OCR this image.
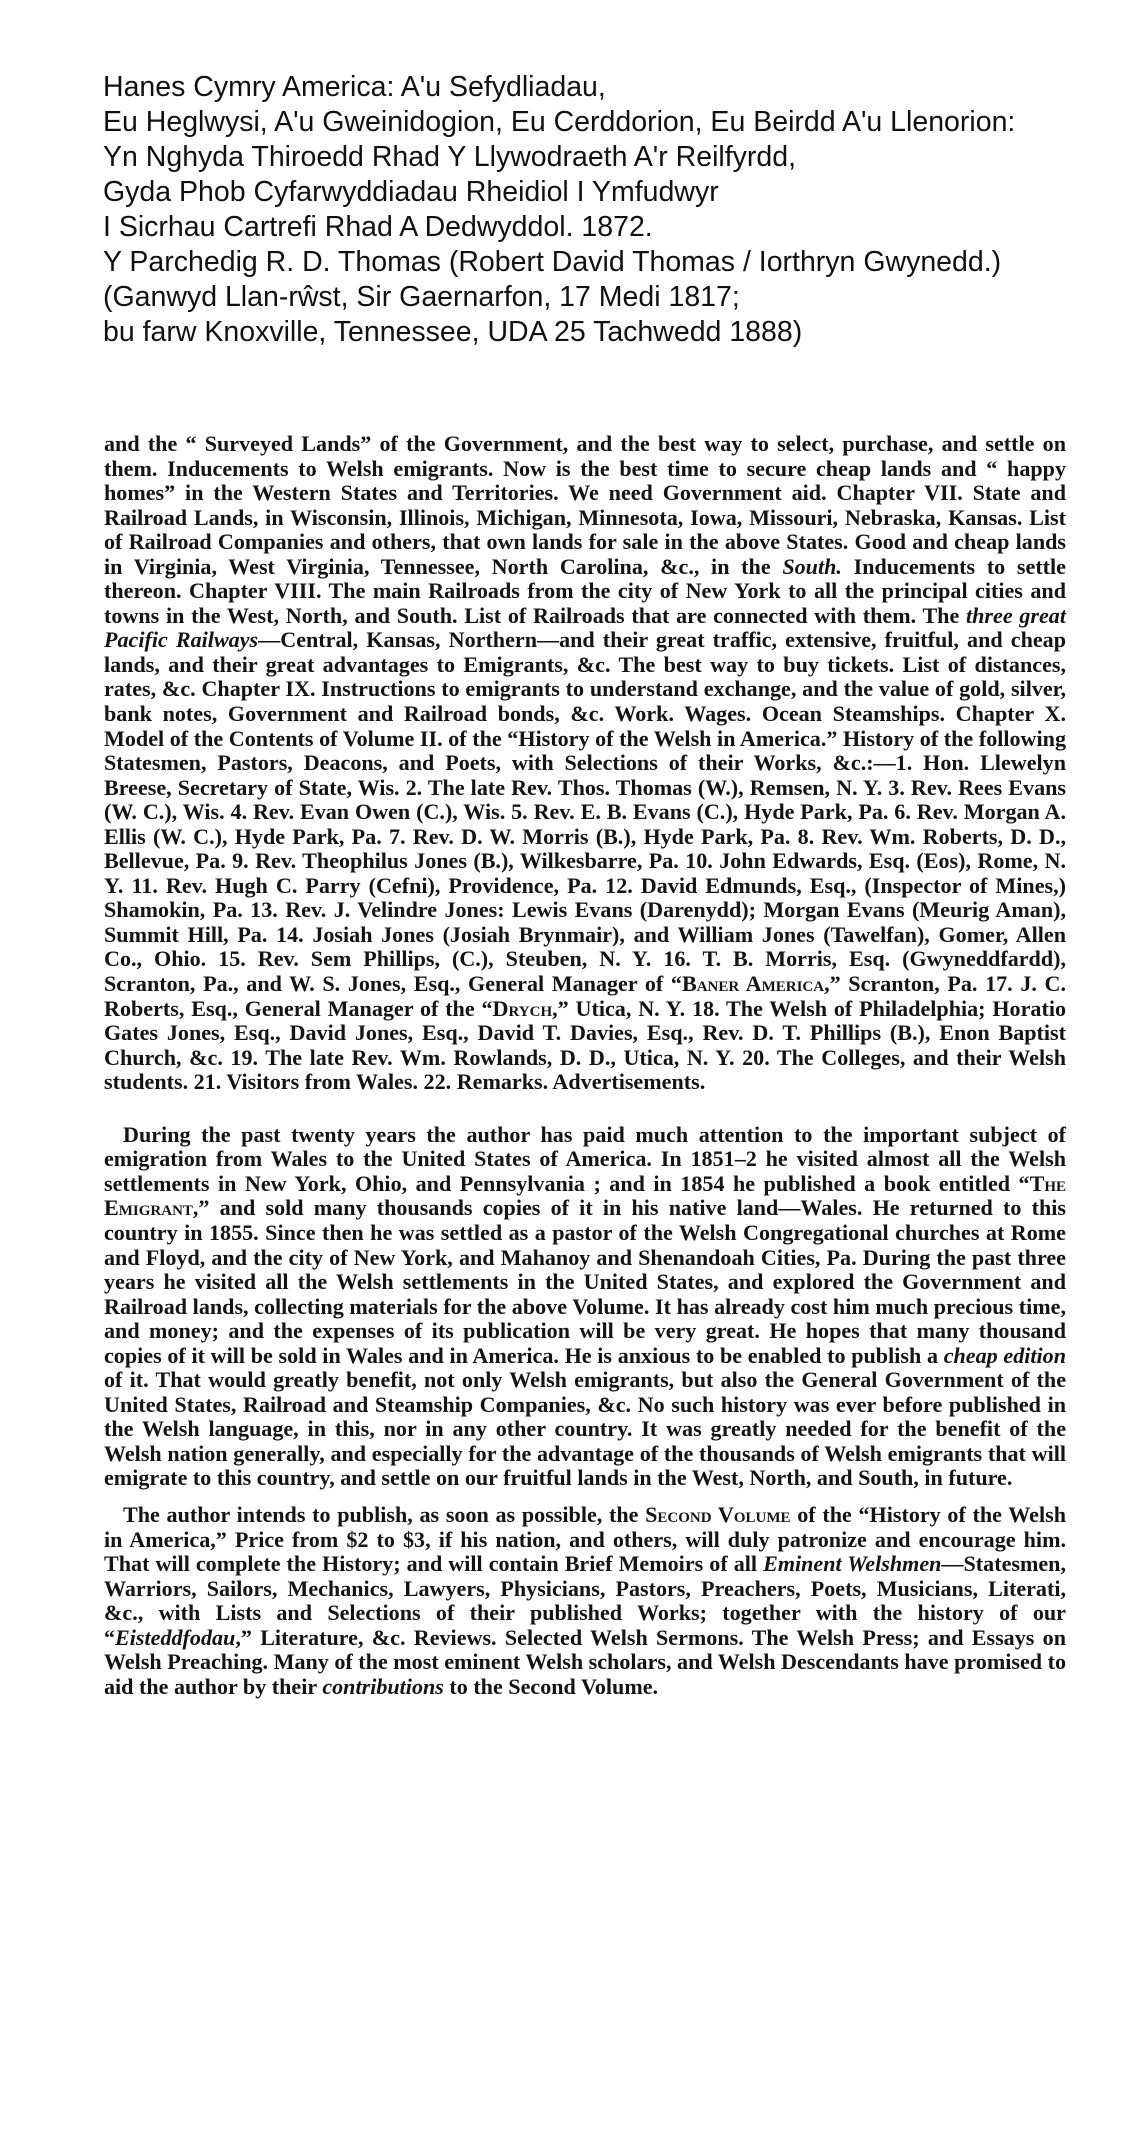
Hanes Cymry America: A'u Sefydliadau,
Eu Heglwysi, A'u Gweinidogion, Eu Cerddorion, Eu Beirdd A'u Llenorion:
Yn Nghyda Thiroedd Rhad Y Llywodraeth A'r Reilfyrdd,
Gyda Phob Cyfarwyddiadau Rheidiol I Ymfudwyr
I Sicrhau Cartrefi Rhad A Dedwyddol. 1872.
Y Parchedig R. D. Thomas (Robert David Thomas / Iorthryn Gwynedd.)
(Ganwyd Llan-rŵst, Sir Gaernarfon, 17 Medi 1817;
bu farw Knoxville, Tennessee, UDA 25 Tachwedd 1888)

and the “ Surveyed Lands” of the Government, and the best way to select, purchase, and settle on them. Inducements to Welsh emigrants. Now is the best time to secure cheap lands and “ happy homes” in the Western States and Territories. We need Government aid. Chapter VII. State and Railroad Lands, in Wisconsin, Illinois, Michigan, Minnesota, Iowa, Missouri, Nebraska, Kansas. List of Railroad Companies and others, that own lands for sale in the above States. Good and cheap lands in Virginia, West Virginia, Tennessee, North Carolina, &c., in the South. Inducements to settle thereon. Chapter VIII. The main Railroads from the city of New York to all the principal cities and towns in the West, North, and South. List of Railroads that are connected with them. The three great Pacific Railways—Central, Kansas, Northern—and their great traffic, extensive, fruitful, and cheap lands, and their great advantages to Emigrants, &c. The best way to buy tickets. List of distances, rates, &c. Chapter IX. Instructions to emigrants to understand exchange, and the value of gold, silver, bank notes, Government and Railroad bonds, &c. Work. Wages. Ocean Steamships. Chapter X. Model of the Contents of Volume II. of the “History of the Welsh in America.” History of the following Statesmen, Pastors, Deacons, and Poets, with Selections of their Works, &c.:—1. Hon. Llewelyn Breese, Secretary of State, Wis. 2. The late Rev. Thos. Thomas (W.), Remsen, N. Y. 3. Rev. Rees Evans (W. C.), Wis. 4. Rev. Evan Owen (C.), Wis. 5. Rev. E. B. Evans (C.), Hyde Park, Pa. 6. Rev. Morgan A. Ellis (W. C.), Hyde Park, Pa. 7. Rev. D. W. Morris (B.), Hyde Park, Pa. 8. Rev. Wm. Roberts, D. D., Bellevue, Pa. 9. Rev. Theophilus Jones (B.), Wilkesbarre, Pa. 10. John Edwards, Esq. (Eos), Rome, N. Y. 11. Rev. Hugh C. Parry (Cefni), Providence, Pa. 12. David Edmunds, Esq., (Inspector of Mines,) Shamokin, Pa. 13. Rev. J. Velindre Jones: Lewis Evans (Darenydd); Morgan Evans (Meurig Aman), Summit Hill, Pa. 14. Josiah Jones (Josiah Brynmair), and William Jones (Tawelfan), Gomer, Allen Co., Ohio. 15. Rev. Sem Phillips, (C.), Steuben, N. Y. 16. T. B. Morris, Esq. (Gwyneddfardd), Scranton, Pa., and W. S. Jones, Esq., General Manager of “Baner America,” Scranton, Pa. 17. J. C. Roberts, Esq., General Manager of the “Drych,” Utica, N. Y. 18. The Welsh of Philadelphia; Horatio Gates Jones, Esq., David Jones, Esq., David T. Davies, Esq., Rev. D. T. Phillips (B.), Enon Baptist Church, &c. 19. The late Rev. Wm. Rowlands, D. D., Utica, N. Y. 20. The Colleges, and their Welsh students. 21. Visitors from Wales. 22. Remarks. Advertisements.

During the past twenty years the author has paid much attention to the important subject of emigration from Wales to the United States of America. In 1851–2 he visited almost all the Welsh settlements in New York, Ohio, and Pennsylvania ; and in 1854 he published a book entitled “The Emigrant,” and sold many thousands copies of it in his native land—Wales. He returned to this country in 1855. Since then he was settled as a pastor of the Welsh Congregational churches at Rome and Floyd, and the city of New York, and Mahanoy and Shenandoah Cities, Pa. During the past three years he visited all the Welsh settlements in the United States, and explored the Government and Railroad lands, collecting materials for the above Volume. It has already cost him much precious time, and money; and the expenses of its publication will be very great. He hopes that many thousand copies of it will be sold in Wales and in America. He is anxious to be enabled to publish a cheap edition of it. That would greatly benefit, not only Welsh emigrants, but also the General Government of the United States, Railroad and Steamship Companies, &c. No such history was ever before published in the Welsh language, in this, nor in any other country. It was greatly needed for the benefit of the Welsh nation generally, and especially for the advantage of the thousands of Welsh emigrants that will emigrate to this country, and settle on our fruitful lands in the West, North, and South, in future.

The author intends to publish, as soon as possible, the Second Volume of the “History of the Welsh in America,” Price from $2 to $3, if his nation, and others, will duly patronize and encourage him. That will complete the History; and will contain Brief Memoirs of all Eminent Welshmen—Statesmen, Warriors, Sailors, Mechanics, Lawyers, Physicians, Pastors, Preachers, Poets, Musicians, Literati, &c., with Lists and Selections of their published Works; together with the history of our “Eisteddfodau,” Literature, &c. Reviews. Selected Welsh Sermons. The Welsh Press; and Essays on Welsh Preaching. Many of the most eminent Welsh scholars, and Welsh Descendants have promised to aid the author by their contributions to the Second Volume.
